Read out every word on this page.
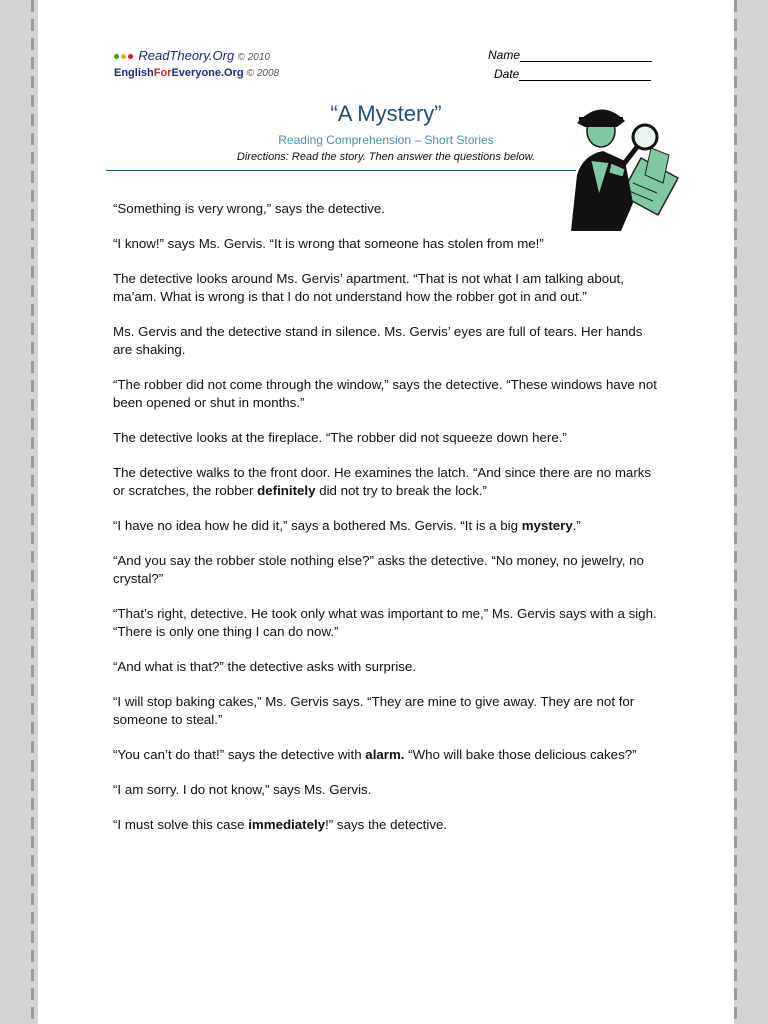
ReadTheory.Org © 2010
EnglishForEveryone.Org © 2008
Name
Date
“A Mystery”
Reading Comprehension – Short Stories
Directions: Read the story. Then answer the questions below.

“Something is very wrong,” says the detective.

“I know!” says Ms. Gervis. “It is wrong that someone has stolen from me!”

The detective looks around Ms. Gervis’ apartment. “That is not what I am talking about, ma’am. What is wrong is that I do not understand how the robber got in and out.”

Ms. Gervis and the detective stand in silence. Ms. Gervis’ eyes are full of tears. Her hands are shaking.

“The robber did not come through the window,” says the detective. “These windows have not been opened or shut in months.”

The detective looks at the fireplace. “The robber did not squeeze down here.”

The detective walks to the front door. He examines the latch. “And since there are no marks or scratches, the robber definitely did not try to break the lock.”

“I have no idea how he did it,” says a bothered Ms. Gervis. “It is a big mystery.”

“And you say the robber stole nothing else?” asks the detective. “No money, no jewelry, no crystal?”

“That’s right, detective. He took only what was important to me,” Ms. Gervis says with a sigh. “There is only one thing I can do now.”

“And what is that?” the detective asks with surprise.

“I will stop baking cakes,” Ms. Gervis says. “They are mine to give away. They are not for someone to steal.”

“You can’t do that!” says the detective with alarm. “Who will bake those delicious cakes?”

“I am sorry. I do not know,” says Ms. Gervis.

“I must solve this case immediately!” says the detective.
